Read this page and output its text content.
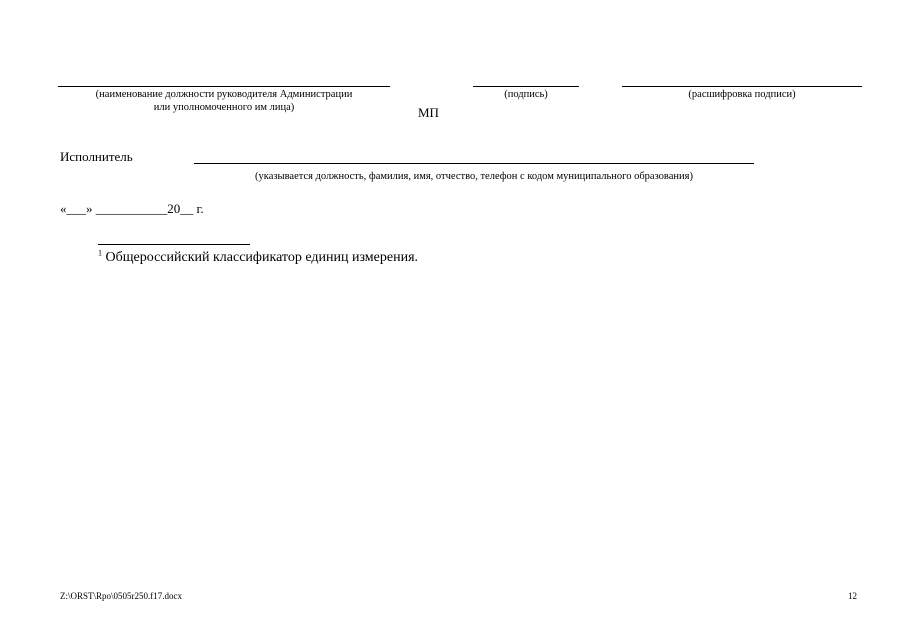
(наименование должности руководителя Администрации
или уполномоченного им лица)
(подпись)	(расшифровка подписи)
МП
Исполнитель
(указывается должность, фамилия, имя, отчество, телефон с кодом муниципального образования)
«___» ___________20__ г.
$^1$ Общероссийский классификатор единиц измерения.
Z:\ORST\Rpo\0505r250.f17.docx	12
